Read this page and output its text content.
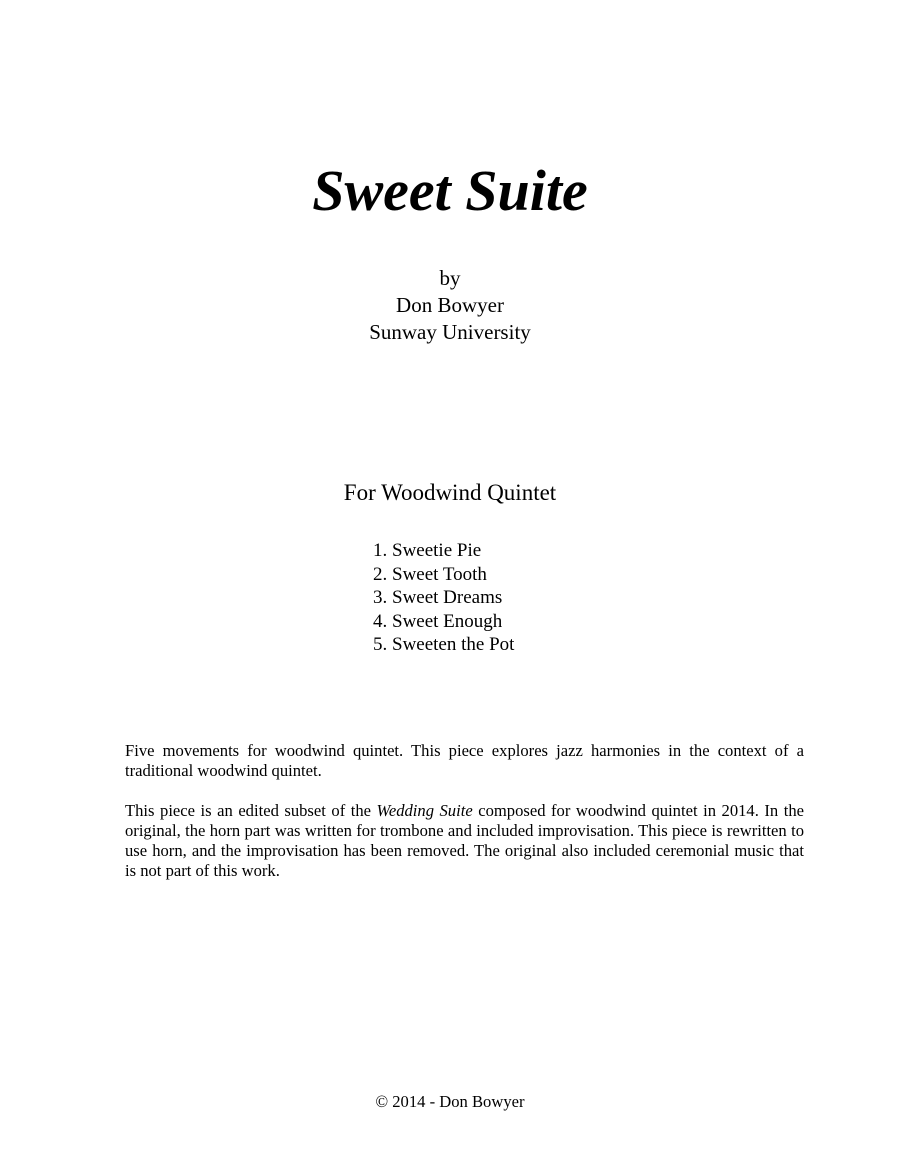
Sweet Suite
by
Don Bowyer
Sunway University
For Woodwind Quintet
1. Sweetie Pie
2. Sweet Tooth
3. Sweet Dreams
4. Sweet Enough
5. Sweeten the Pot

Five movements for woodwind quintet. This piece explores jazz harmonies in the context of a traditional woodwind quintet.

This piece is an edited subset of the Wedding Suite composed for woodwind quintet in 2014. In the original, the horn part was written for trombone and included improvisation. This piece is rewritten to use horn, and the improvisation has been removed. The original also included ceremonial music that is not part of this work.

© 2014 - Don Bowyer
